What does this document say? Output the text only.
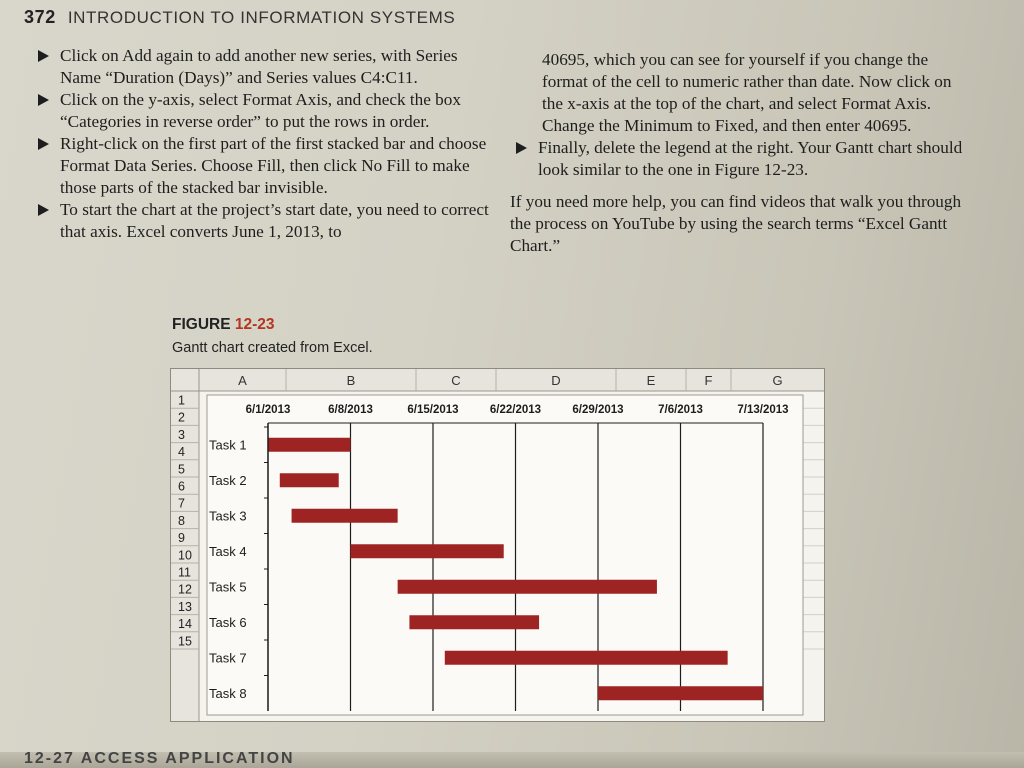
372 INTRODUCTION TO INFORMATION SYSTEMS

Click on Add again to add another new series, with Series Name “Duration (Days)” and Series values C4:C11.

Click on the y-axis, select Format Axis, and check the box “Categories in reverse order” to put the rows in order.

Right-click on the first part of the first stacked bar and choose Format Data Series. Choose Fill, then click No Fill to make those parts of the stacked bar invisible.

To start the chart at the project’s start date, you need to correct that axis. Excel converts June 1, 2013, to

40695, which you can see for yourself if you change the format of the cell to numeric rather than date. Now click on the x-axis at the top of the chart, and select Format Axis. Change the Minimum to Fixed, and then enter 40695.

Finally, delete the legend at the right. Your Gantt chart should look similar to the one in Figure 12-23.

If you need more help, you can find videos that walk you through the process on YouTube by using the search terms “Excel Gantt Chart.”

FIGURE 12-23
Gantt chart created from Excel.
A	B	C	D	E	F	G
1
2
3
4
5
6
7
8
9
10
11
12
13
14
15
6/1/2013	6/8/2013	6/15/2013	6/22/2013	6/29/2013	7/6/2013	7/13/2013
Task 1
Task 2
Task 3
Task 4
Task 5
Task 6
Task 7
Task 8
12-27 ACCESS APPLICATION
